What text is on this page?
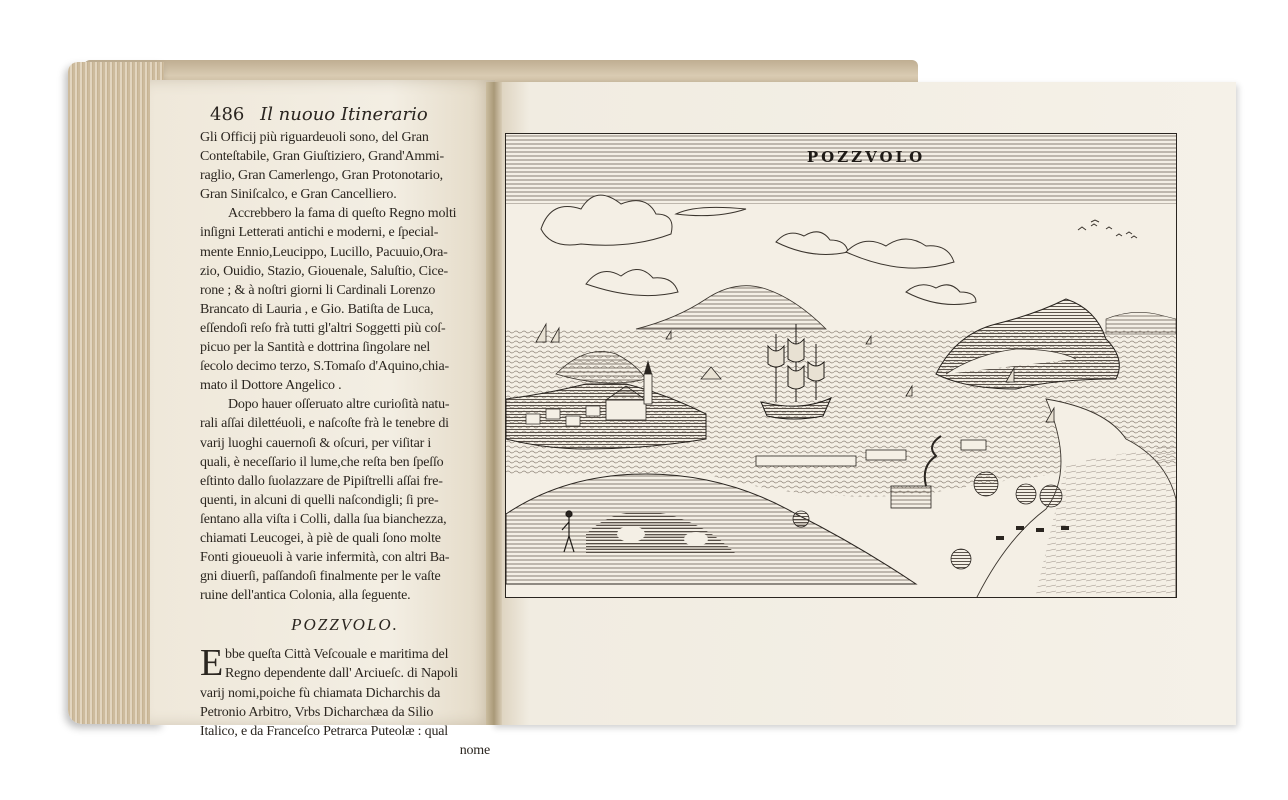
486 Il nuouo Itinerario
Gli Officij più riguardeuoli sono, del Gran
Conteſtabile, Gran Giuſtiziero, Grand'Ammi-
raglio, Gran Camerlengo, Gran Protonotario,
Gran Siniſcalco, e Gran Cancelliero.
Accrebbero la fama di queſto Regno molti
inſigni Letterati antichi e moderni, e ſpecial-
mente Ennio,Leucippo, Lucillo, Pacuuio,Ora-
zio, Ouidio, Stazio, Giouenale, Saluſtio, Cice-
rone ; & à noſtri giorni li Cardinali Lorenzo
Brancato di Lauria , e Gio. Batiſta de Luca,
eſſendoſi reſo frà tutti gl'altri Soggetti più coſ-
picuo per la Santità e dottrina ſingolare nel
ſecolo decimo terzo, S.Tomaſo d'Aquino,chia-
mato il Dottore Angelico .
Dopo hauer oſſeruato altre curioſità natu-
rali aſſai dilettéuoli, e naſcoſte frà le tenebre di
varij luoghi cauernoſi & oſcuri, per viſitar i
quali, è neceſſario il lume,che reſta ben ſpeſſo
eſtinto dallo ſuolazzare de Pipiſtrelli aſſai fre-
quenti, in alcuni di quelli naſcondigli; ſi pre-
ſentano alla viſta i Colli, dalla ſua bianchezza,
chiamati Leucogei, à piè de quali ſono molte
Fonti gioueuoli à varie infermità, con altri Ba-
gni diuerſi, paſſandoſi finalmente per le vaſte
ruine dell'antica Colonia, alla ſeguente.
POZZVOLO.
E bbe queſta Città Veſcouale e maritima del
Regno dependente dall' Arciueſc. di Napoli
varij nomi,poiche fù chiamata Dicharchis da
Petronio Arbitro, Vrbs Dicharchæa da Silio
Italico, e da Franceſco Petrarca Puteolæ : qual
nome
POZZVOLO
